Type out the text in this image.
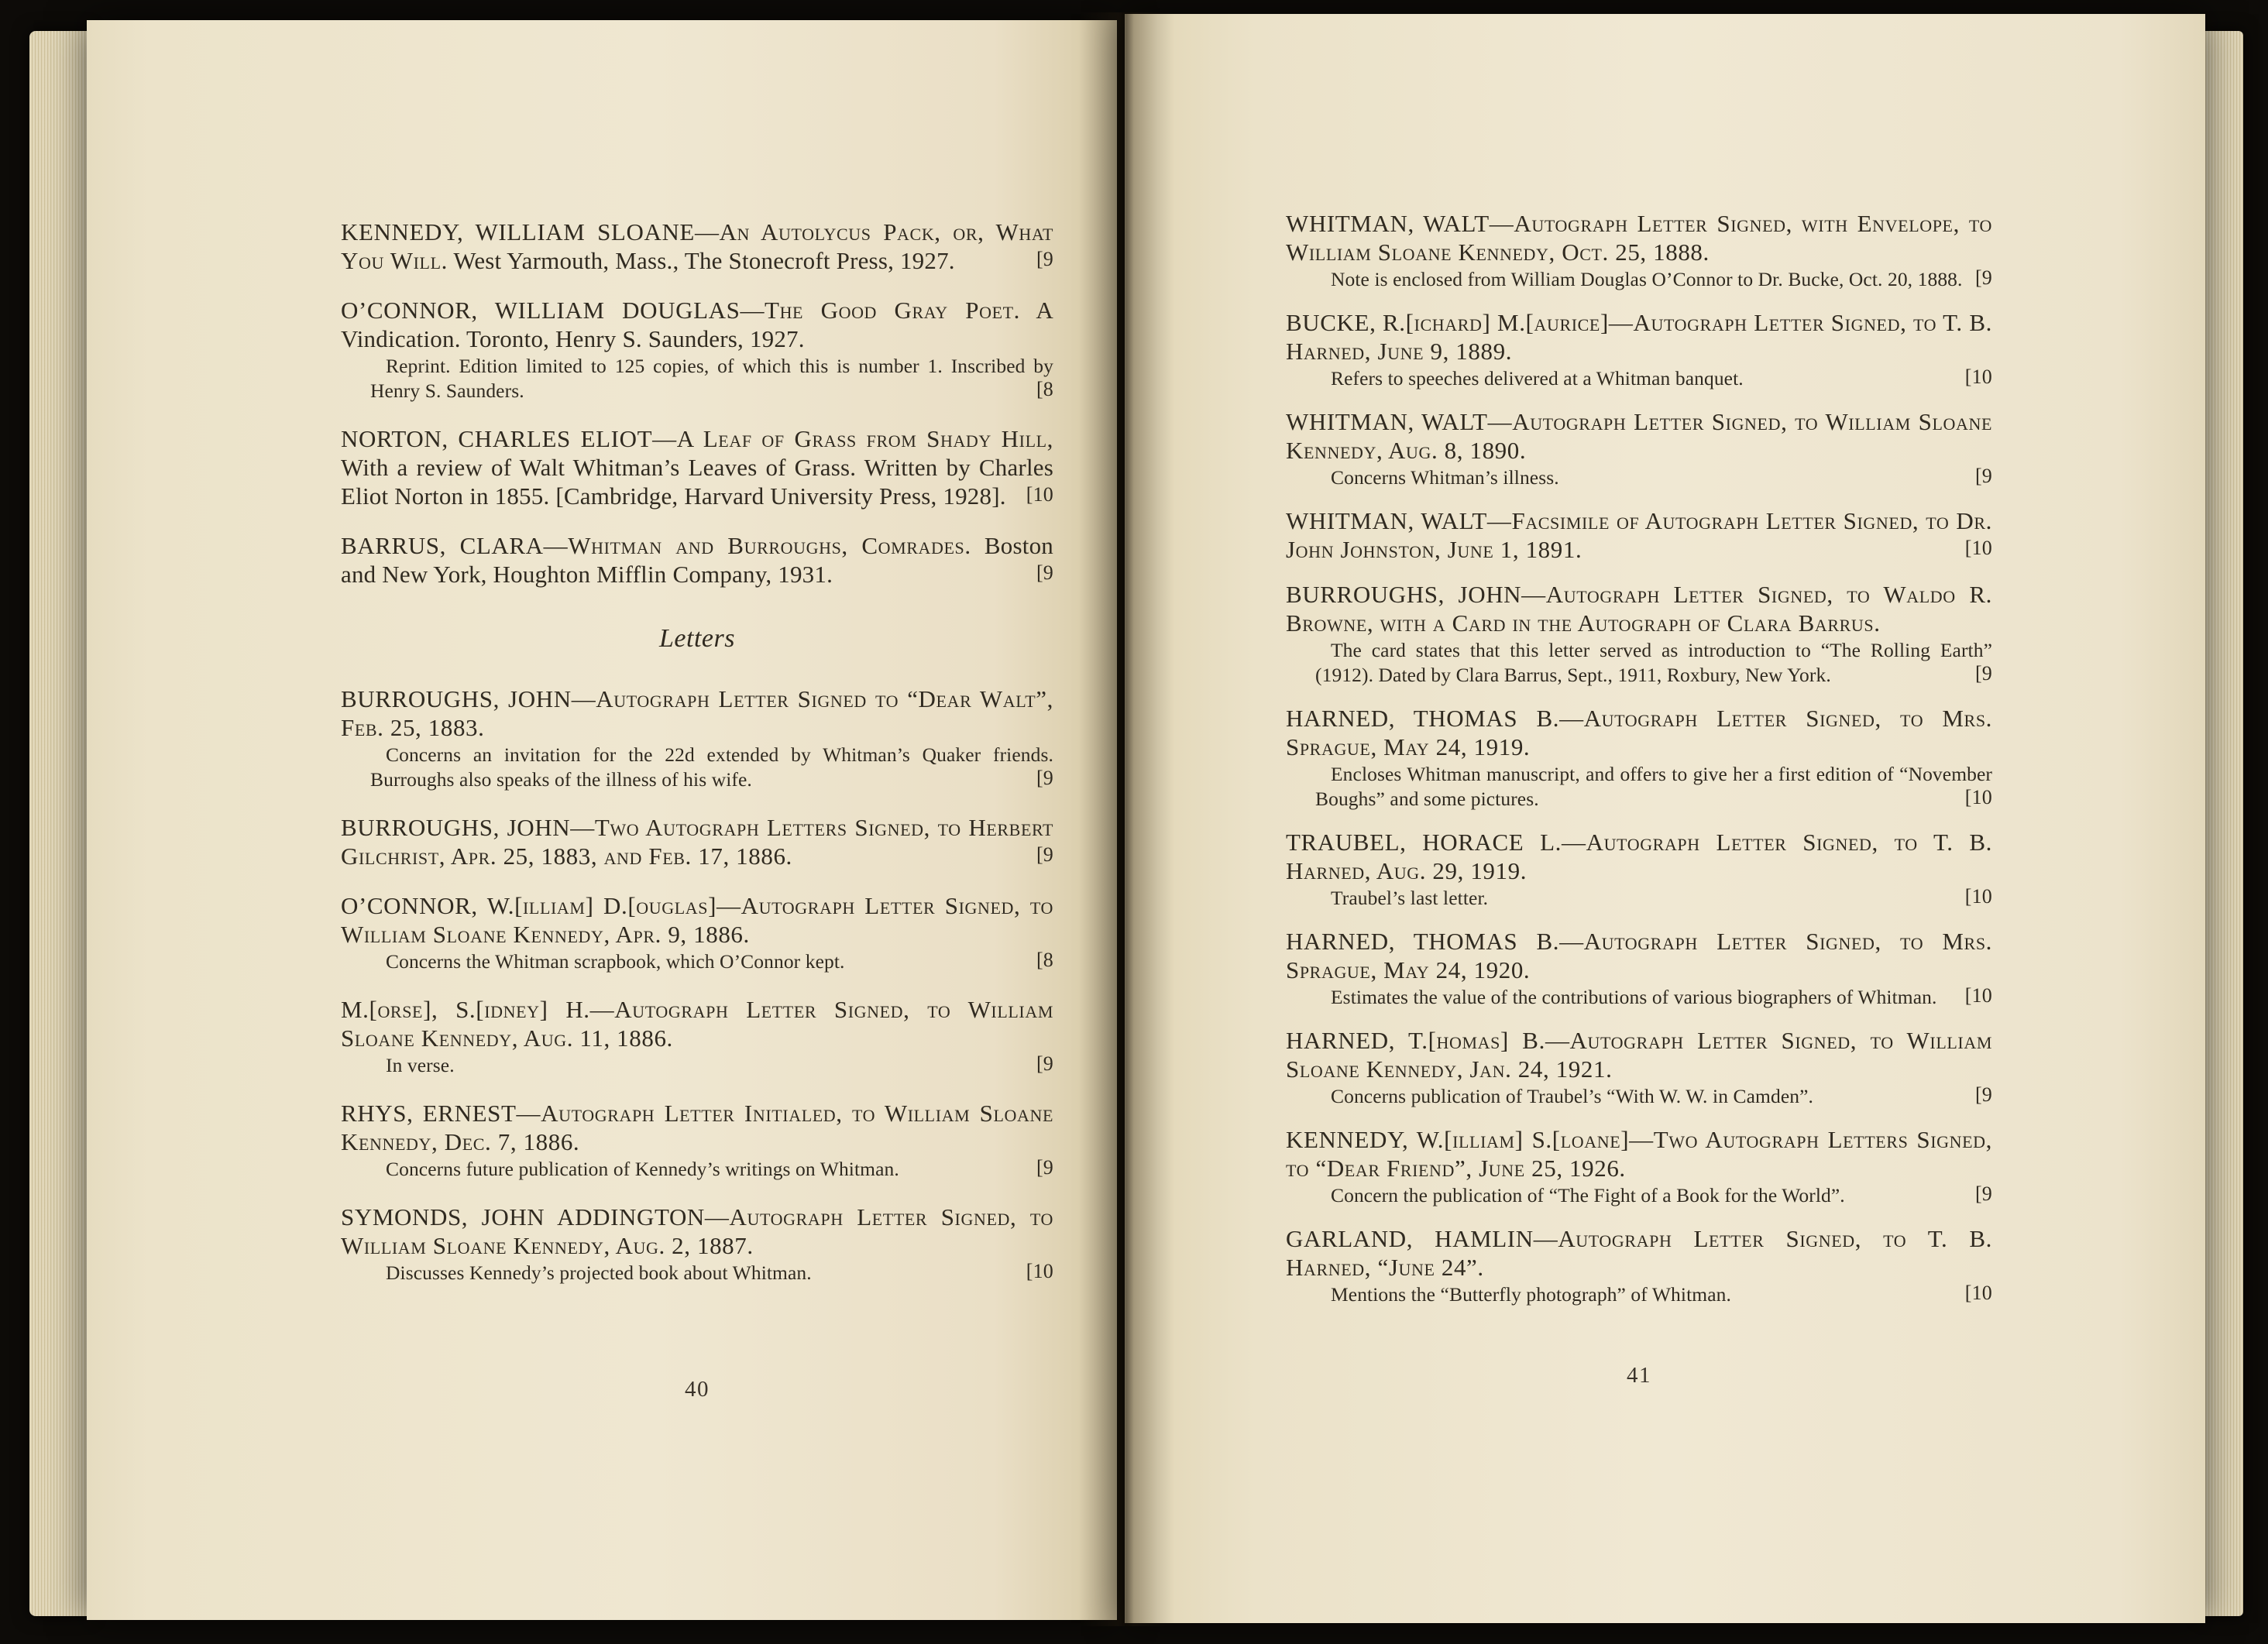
KENNEDY, WILLIAM SLOANE—An Autolycus Pack, or, What You Will. West Yarmouth, Mass., The Stonecroft Press, 1927.	[9

O’CONNOR, WILLIAM DOUGLAS—The Good Gray Poet. A Vindication. Toronto, Henry S. Saunders, 1927.

Reprint. Edition limited to 125 copies, of which this is number 1. Inscribed by Henry S. Saunders.	[8

NORTON, CHARLES ELIOT—A Leaf of Grass from Shady Hill, With a review of Walt Whitman’s Leaves of Grass. Written by Charles Eliot Norton in 1855. [Cambridge, Harvard University Press, 1928]. [10

BARRUS, CLARA—Whitman and Burroughs, Comrades. Boston and New York, Houghton Mifflin Company, 1931.	[9

Letters

BURROUGHS, JOHN—Autograph Letter Signed to “Dear Walt”, Feb. 25, 1883.

Concerns an invitation for the 22d extended by Whitman’s Quaker friends. Burroughs also speaks of the illness of his wife.	[9

BURROUGHS, JOHN—Two Autograph Letters Signed, to Herbert Gilchrist, Apr. 25, 1883, and Feb. 17, 1886.	[9

O’CONNOR, W.[illiam] D.[ouglas]—Autograph Letter Signed, to William Sloane Kennedy, Apr. 9, 1886.

Concerns the Whitman scrapbook, which O’Connor kept.	[8

M.[orse], S.[idney] H.—Autograph Letter Signed, to William Sloane Kennedy, Aug. 11, 1886.

In verse.	[9

RHYS, ERNEST—Autograph Letter Initialed, to William Sloane Kennedy, Dec. 7, 1886.

Concerns future publication of Kennedy’s writings on Whitman.	[9

SYMONDS, JOHN ADDINGTON—Autograph Letter Signed, to William Sloane Kennedy, Aug. 2, 1887.

Discusses Kennedy’s projected book about Whitman.	[10

40

WHITMAN, WALT—Autograph Letter Signed, with Envelope, to William Sloane Kennedy, Oct. 25, 1888.

Note is enclosed from William Douglas O’Connor to Dr. Bucke, Oct. 20, 1888. [9

BUCKE, R.[ichard] M.[aurice]—Autograph Letter Signed, to T. B. Harned, June 9, 1889.

Refers to speeches delivered at a Whitman banquet.	[10

WHITMAN, WALT—Autograph Letter Signed, to William Sloane Kennedy, Aug. 8, 1890.

Concerns Whitman’s illness.	[9

WHITMAN, WALT—Facsimile of Autograph Letter Signed, to Dr. John Johnston, June 1, 1891.	[10

BURROUGHS, JOHN—Autograph Letter Signed, to Waldo R. Browne, with a Card in the Autograph of Clara Barrus.

The card states that this letter served as introduction to “The Rolling Earth” (1912). Dated by Clara Barrus, Sept., 1911, Roxbury, New York.	[9

HARNED, THOMAS B.—Autograph Letter Signed, to Mrs. Sprague, May 24, 1919.

Encloses Whitman manuscript, and offers to give her a first edition of “November Boughs” and some pictures.	[10

TRAUBEL, HORACE L.—Autograph Letter Signed, to T. B. Harned, Aug. 29, 1919.

Traubel’s last letter.	[10

HARNED, THOMAS B.—Autograph Letter Signed, to Mrs. Sprague, May 24, 1920.

Estimates the value of the contributions of various biographers of Whitman.	[10

HARNED, T.[homas] B.—Autograph Letter Signed, to William Sloane Kennedy, Jan. 24, 1921.

Concerns publication of Traubel’s “With W. W. in Camden”.	[9

KENNEDY, W.[illiam] S.[loane]—Two Autograph Letters Signed, to “Dear Friend”, June 25, 1926.

Concern the publication of “The Fight of a Book for the World”.	[9

GARLAND, HAMLIN—Autograph Letter Signed, to T. B. Harned, “June 24”.

Mentions the “Butterfly photograph” of Whitman.	[10

41
